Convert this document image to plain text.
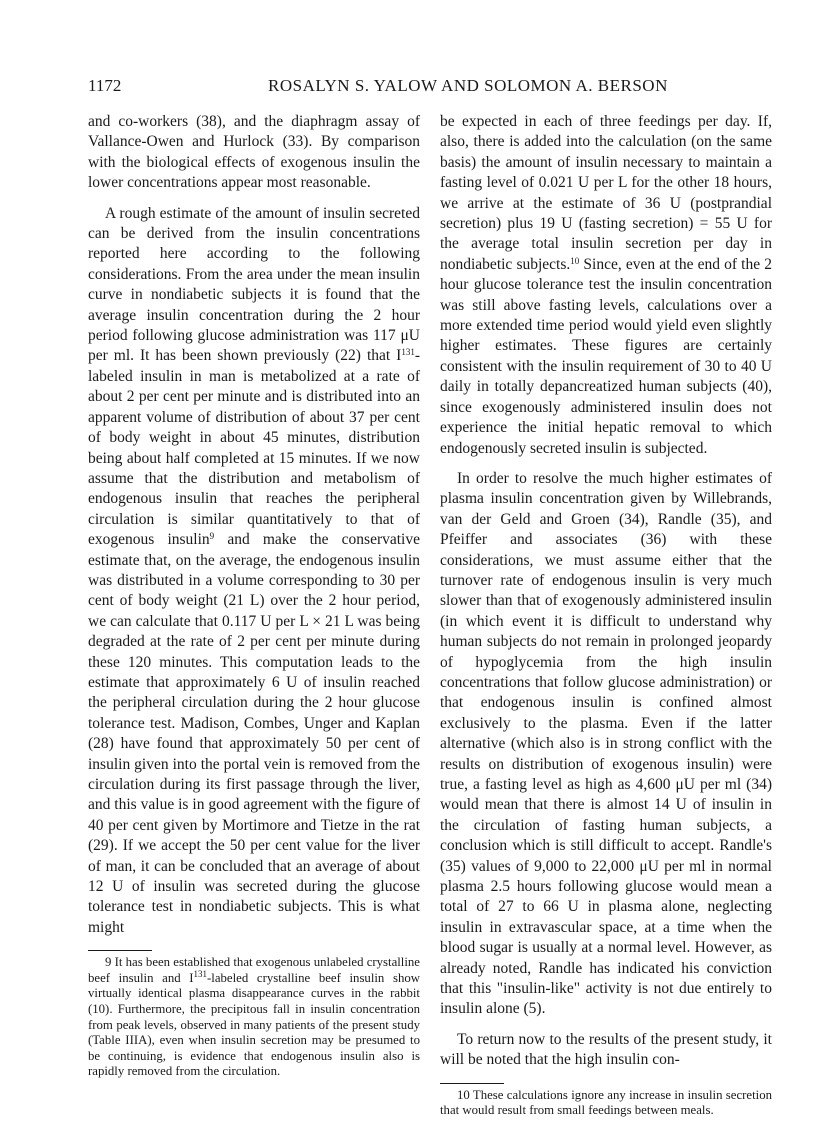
1172	ROSALYN S. YALOW AND SOLOMON A. BERSON

and co-workers (38), and the diaphragm assay of Vallance-Owen and Hurlock (33). By comparison with the biological effects of exogenous insulin the lower concentrations appear most reasonable.

A rough estimate of the amount of insulin secreted can be derived from the insulin concentrations reported here according to the following considerations. From the area under the mean insulin curve in nondiabetic subjects it is found that the average insulin concentration during the 2 hour period following glucose administration was 117 μU per ml. It has been shown previously (22) that $I^{131}$-labeled insulin in man is metabolized at a rate of about 2 per cent per minute and is distributed into an apparent volume of distribution of about 37 per cent of body weight in about 45 minutes, distribution being about half completed at 15 minutes. If we now assume that the distribution and metabolism of endogenous insulin that reaches the peripheral circulation is similar quantitatively to that of exogenous insulin$^9$ and make the conservative estimate that, on the average, the endogenous insulin was distributed in a volume corresponding to 30 per cent of body weight (21 L) over the 2 hour period, we can calculate that 0.117 U per L × 21 L was being degraded at the rate of 2 per cent per minute during these 120 minutes. This computation leads to the estimate that approximately 6 U of insulin reached the peripheral circulation during the 2 hour glucose tolerance test. Madison, Combes, Unger and Kaplan (28) have found that approximately 50 per cent of insulin given into the portal vein is removed from the circulation during its first passage through the liver, and this value is in good agreement with the figure of 40 per cent given by Mortimore and Tietze in the rat (29). If we accept the 50 per cent value for the liver of man, it can be concluded that an average of about 12 U of insulin was secreted during the glucose tolerance test in nondiabetic subjects. This is what might

9 It has been established that exogenous unlabeled crystalline beef insulin and $I^{131}$-labeled crystalline beef insulin show virtually identical plasma disappearance curves in the rabbit (10). Furthermore, the precipitous fall in insulin concentration from peak levels, observed in many patients of the present study (Table IIIA), even when insulin secretion may be presumed to be continuing, is evidence that endogenous insulin also is rapidly removed from the circulation.

be expected in each of three feedings per day. If, also, there is added into the calculation (on the same basis) the amount of insulin necessary to maintain a fasting level of 0.021 U per L for the other 18 hours, we arrive at the estimate of 36 U (postprandial secretion) plus 19 U (fasting secretion) = 55 U for the average total insulin secretion per day in nondiabetic subjects.$^{10}$ Since, even at the end of the 2 hour glucose tolerance test the insulin concentration was still above fasting levels, calculations over a more extended time period would yield even slightly higher estimates. These figures are certainly consistent with the insulin requirement of 30 to 40 U daily in totally depancreatized human subjects (40), since exogenously administered insulin does not experience the initial hepatic removal to which endogenously secreted insulin is subjected.

In order to resolve the much higher estimates of plasma insulin concentration given by Willebrands, van der Geld and Groen (34), Randle (35), and Pfeiffer and associates (36) with these considerations, we must assume either that the turnover rate of endogenous insulin is very much slower than that of exogenously administered insulin (in which event it is difficult to understand why human subjects do not remain in prolonged jeopardy of hypoglycemia from the high insulin concentrations that follow glucose administration) or that endogenous insulin is confined almost exclusively to the plasma. Even if the latter alternative (which also is in strong conflict with the results on distribution of exogenous insulin) were true, a fasting level as high as 4,600 μU per ml (34) would mean that there is almost 14 U of insulin in the circulation of fasting human subjects, a conclusion which is still difficult to accept. Randle's (35) values of 9,000 to 22,000 μU per ml in normal plasma 2.5 hours following glucose would mean a total of 27 to 66 U in plasma alone, neglecting insulin in extravascular space, at a time when the blood sugar is usually at a normal level. However, as already noted, Randle has indicated his conviction that this "insulin-like" activity is not due entirely to insulin alone (5).

To return now to the results of the present study, it will be noted that the high insulin con-

10 These calculations ignore any increase in insulin secretion that would result from small feedings between meals.
